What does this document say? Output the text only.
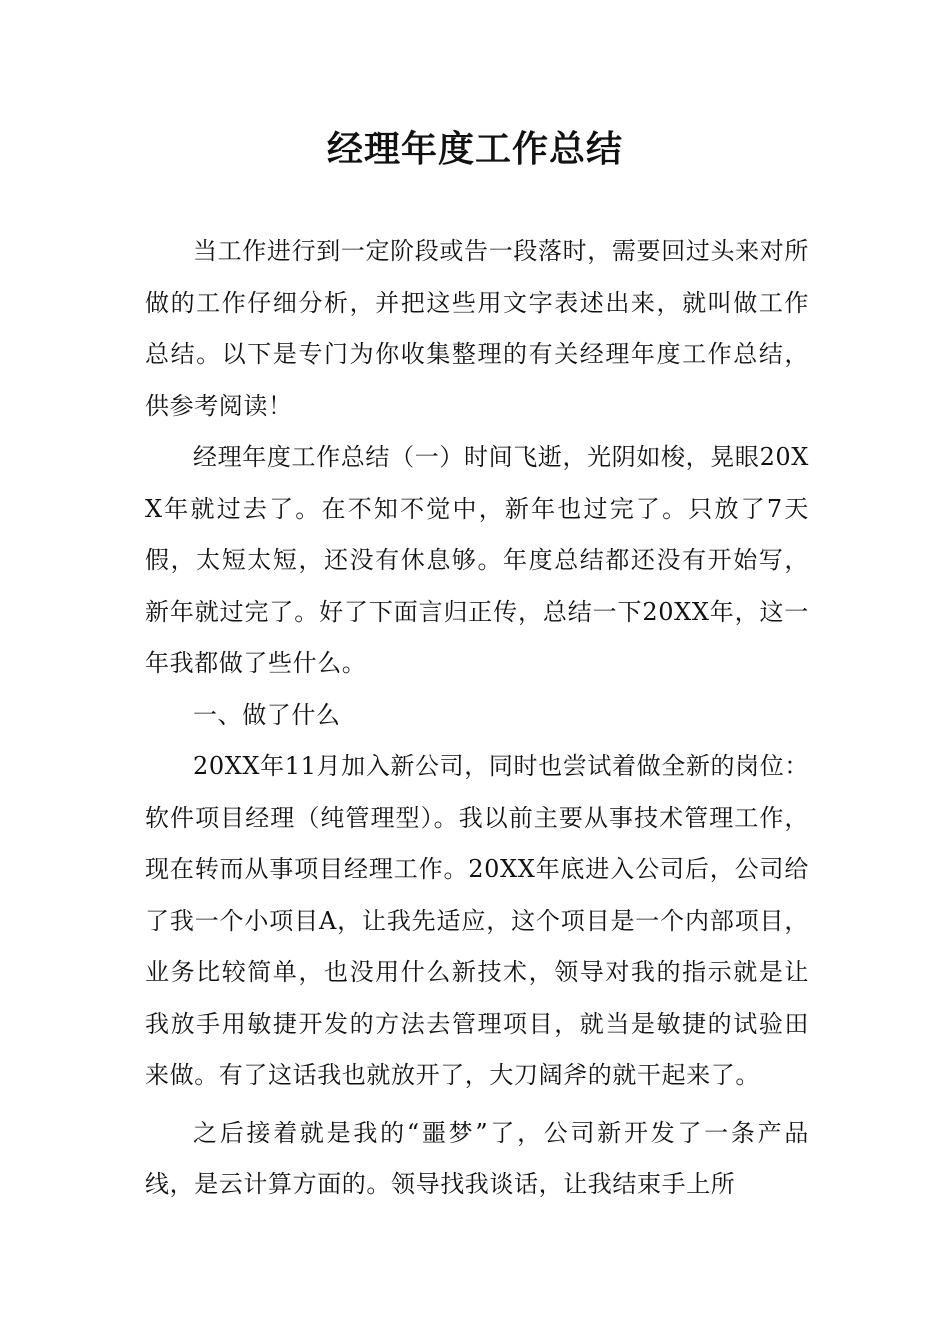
经理年度工作总结

当工作进行到一定阶段或告一段落时，需要回过头来对所做的工作仔细分析，并把这些用文字表述出来，就叫做工作总结。以下是专门为你收集整理的有关经理年度工作总结，供参考阅读！

经理年度工作总结（一）时间飞逝，光阴如梭，晃眼20XX年就过去了。在不知不觉中，新年也过完了。只放了7天假，太短太短，还没有休息够。年度总结都还没有开始写，新年就过完了。好了下面言归正传，总结一下20XX年，这一年我都做了些什么。

一、做了什么

20XX年11月加入新公司，同时也尝试着做全新的岗位：软件项目经理（纯管理型）。我以前主要从事技术管理工作，现在转而从事项目经理工作。20XX年底进入公司后，公司给了我一个小项目A，让我先适应，这个项目是一个内部项目，业务比较简单，也没用什么新技术，领导对我的指示就是让我放手用敏捷开发的方法去管理项目，就当是敏捷的试验田来做。有了这话我也就放开了，大刀阔斧的就干起来了。

之后接着就是我的“噩梦”了，公司新开发了一条产品线，是云计算方面的。领导找我谈话，让我结束手上所
